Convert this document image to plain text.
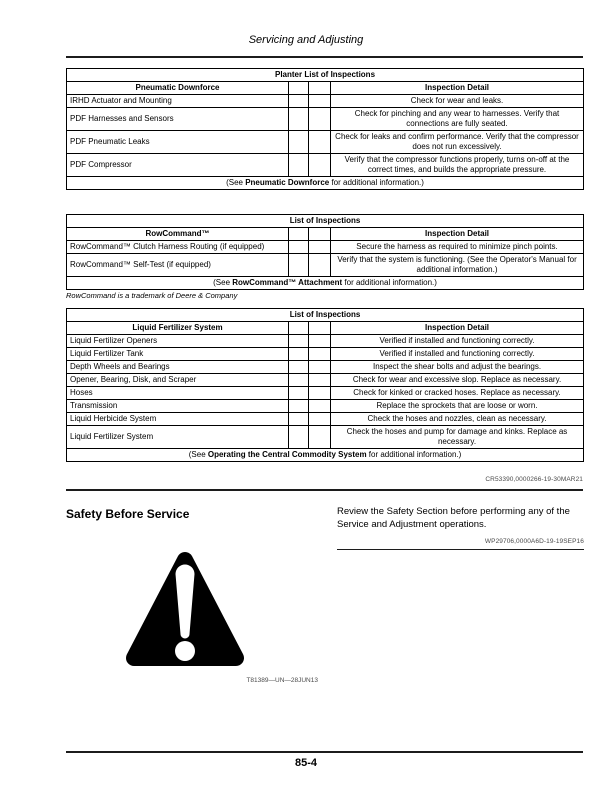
Servicing and Adjusting
Planter List of Inspections			
Pneumatic Downforce			Inspection Detail
IRHD Actuator and Mounting			Check for wear and leaks.
PDF Harnesses and Sensors			Check for pinching and any wear to harnesses. Verify that connections are fully seated.
PDF Pneumatic Leaks			Check for leaks and confirm performance. Verify that the compressor does not run excessively.
PDF Compressor			Verify that the compressor functions properly, turns on-off at the correct times, and builds the appropriate pressure.
(See Pneumatic Downforce for additional information.)			
List of Inspections			
RowCommand™			Inspection Detail
RowCommand™ Clutch Harness Routing (if equipped)			Secure the harness as required to minimize pinch points.
RowCommand™ Self-Test (if equipped)			Verify that the system is functioning. (See the Operator's Manual for additional information.)
(See RowCommand™ Attachment for additional information.)			
RowCommand is a trademark of Deere & Company
List of Inspections			
Liquid Fertilizer System			Inspection Detail
Liquid Fertilizer Openers			Verified if installed and functioning correctly.
Liquid Fertilizer Tank			Verified if installed and functioning correctly.
Depth Wheels and Bearings			Inspect the shear bolts and adjust the bearings.
Opener, Bearing, Disk, and Scraper			Check for wear and excessive slop. Replace as necessary.
Hoses			Check for kinked or cracked hoses. Replace as necessary.
Transmission			Replace the sprockets that are loose or worn.
Liquid Herbicide System			Check the hoses and nozzles, clean as necessary.
Liquid Fertilizer System			Check the hoses and pump for damage and kinks. Replace as necessary.
(See Operating the Central Commodity System for additional information.)			
CR53390,0000266-19-30MAR21
Safety Before Service	Review the Safety Section before performing any of the Service and Adjustment operations.
WP29706,0000A6D-19-19SEP16
T81389—UN—28JUN13
85-4
